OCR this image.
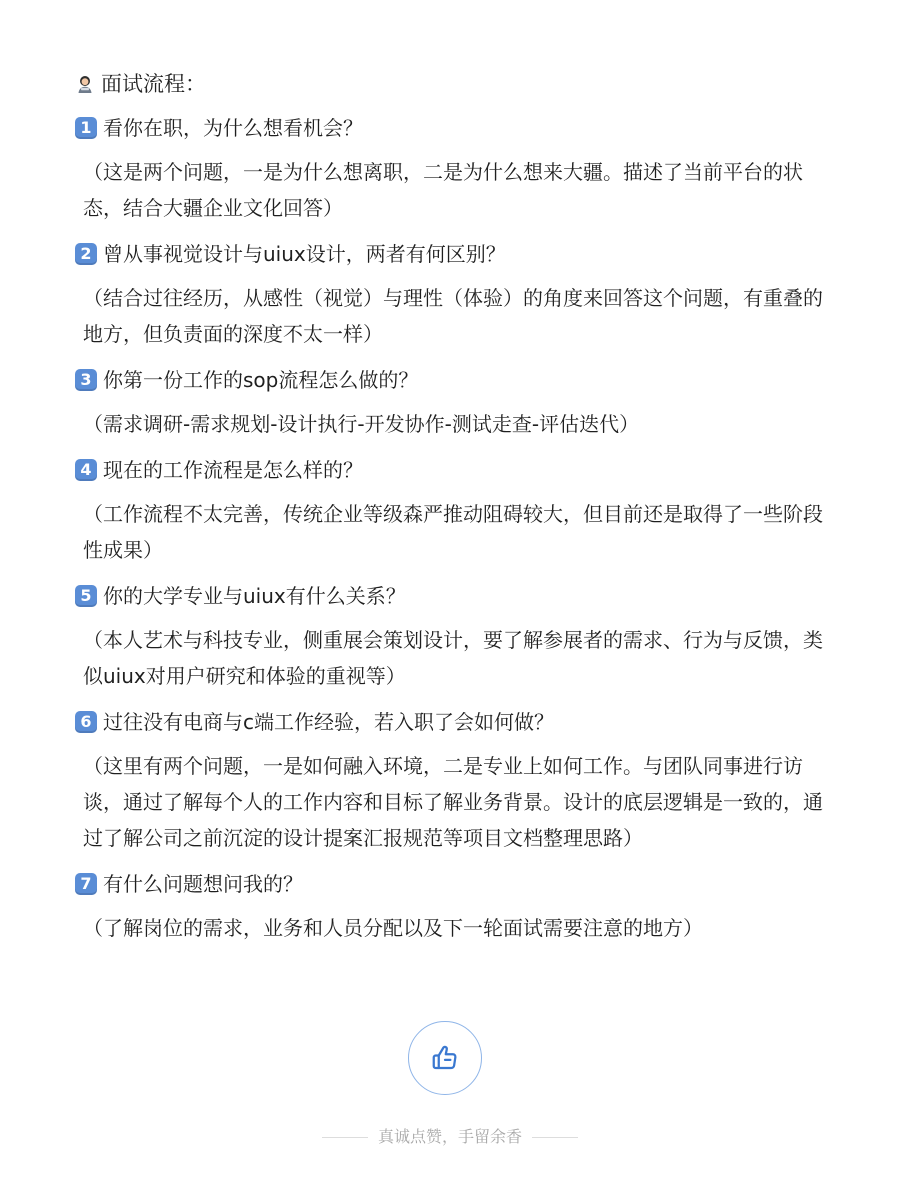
面试流程：
1 看你在职，为什么想看机会？
（这是两个问题，一是为什么想离职，二是为什么想来大疆。描述了当前平台的状态，结合大疆企业文化回答）
2 曾从事视觉设计与uiux设计，两者有何区别？
（结合过往经历，从感性（视觉）与理性（体验）的角度来回答这个问题，有重叠的地方，但负责面的深度不太一样）
3 你第一份工作的sop流程怎么做的？
（需求调研-需求规划-设计执行-开发协作-测试走查-评估迭代）
4 现在的工作流程是怎么样的？
（工作流程不太完善，传统企业等级森严推动阻碍较大，但目前还是取得了一些阶段性成果）
5 你的大学专业与uiux有什么关系？
（本人艺术与科技专业，侧重展会策划设计，要了解参展者的需求、行为与反馈，类似uiux对用户研究和体验的重视等）
6 过往没有电商与c端工作经验，若入职了会如何做？
（这里有两个问题，一是如何融入环境，二是专业上如何工作。与团队同事进行访谈，通过了解每个人的工作内容和目标了解业务背景。设计的底层逻辑是一致的，通过了解公司之前沉淀的设计提案汇报规范等项目文档整理思路）
7 有什么问题想问我的？
（了解岗位的需求，业务和人员分配以及下一轮面试需要注意的地方）
真诚点赞，手留余香
